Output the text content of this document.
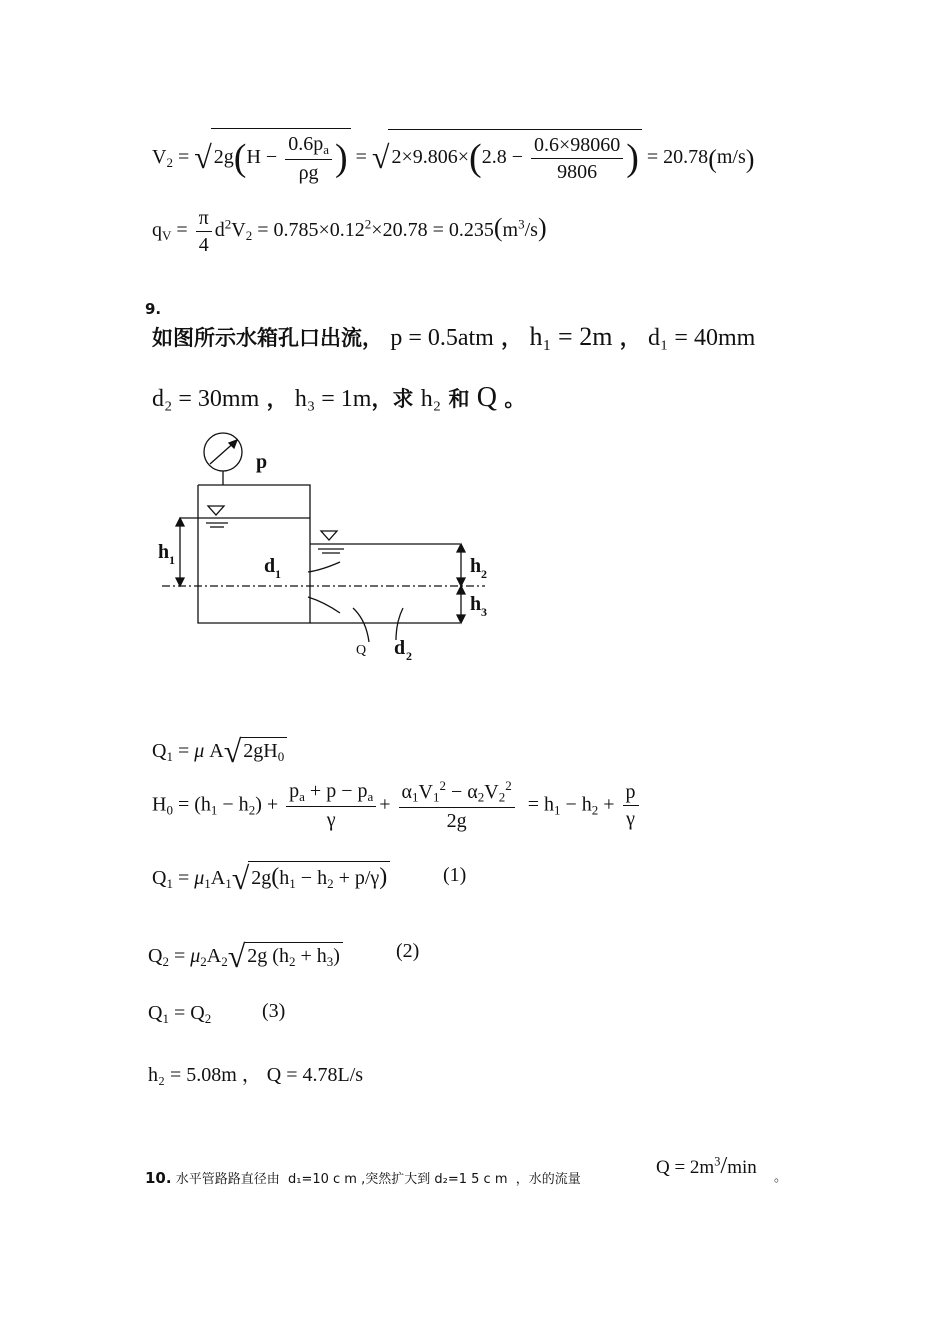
$V_2$ = √ $2g(H - \frac{0.6p_a}{\rho g}$ ) = √ $2\times 9.806\times(2.8 - \frac{0.6\times 98060}{9806}$ ) = 20.78(m/s)
$q_V = \frac{\pi}{4} d^2V_2 = 0.785\times 0.12^2\times 20.78 = 0.235(m^3/s)$
9.
如图所示水箱孔口出流， p = 0.5atm ， h₁ = 2m ， d₁ = 40mm
d₂ = 30mm ， h₃ = 1m，求 h₂ 和 Q 。
p
h 1	d 1	h 2
h 3
Q d 2
$Q_1 = \mu$ A√ $2gH_0$
$H_0 = (h_1 - h_2) + \frac{p_a + p - p_a}{\gamma} + \frac{\alpha_1V_1^2 - \alpha_2V_2^2}{2g} = h_1 - h_2 + \frac{p}{\gamma}$
$Q_1 = \mu_1A_1√$ $2g(h_1 - h_2 + p/\gamma)$	(1)
$Q_2 = \mu_2A_2√$ 2g $(h_2 + h_3)$	(2)
$Q_1 = Q_2$	(3)
h₂ = 5.08m ， Q = 4.78L/s
10. 水平管路路直径由 d₁=10 c m ,突然扩大到 d₂=1 5 c m ，水的流量
$Q = 2m^3/\min$ 。
